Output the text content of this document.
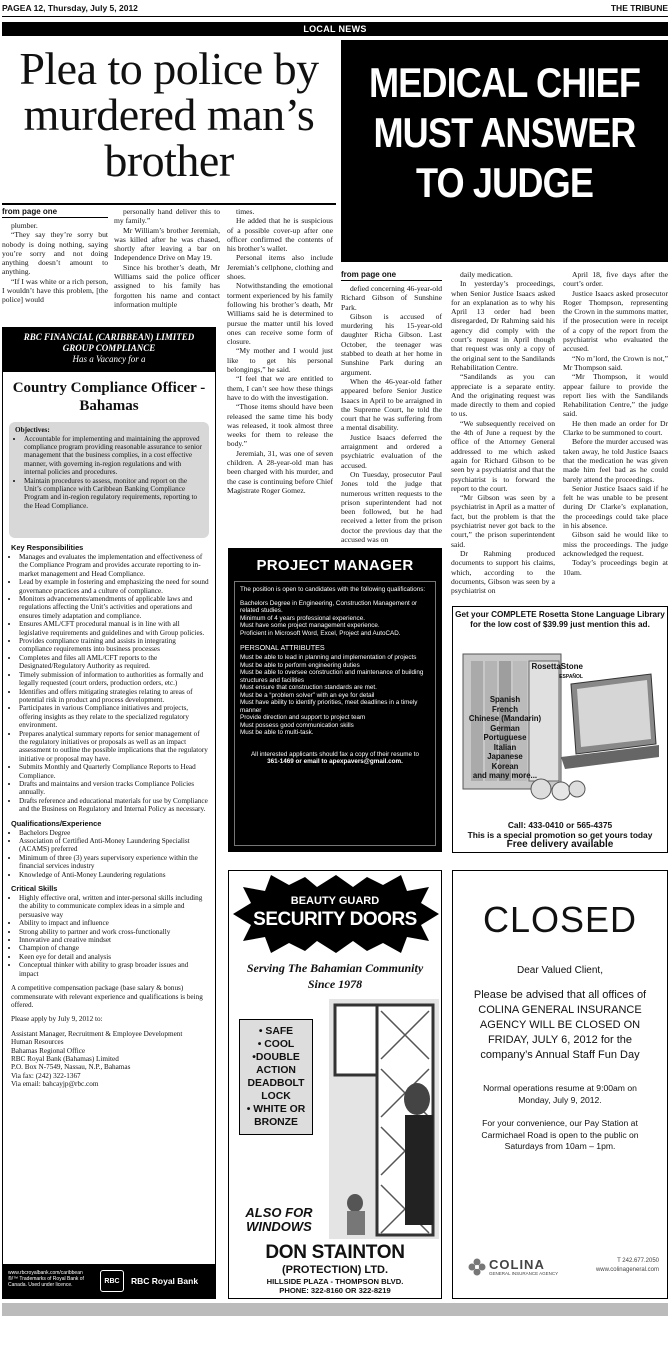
PAGEA 12, Thursday, July 5, 2012	THE TRIBUNE
LOCAL NEWS
Plea to police by murdered man’s brother
MEDICAL CHIEF MUST ANSWER TO JUDGE
from page one
plumber.
“They say they’re sorry but nobody is doing nothing, saying you’re sorry and not doing anything doesn’t amount to anything.
“If I was white or a rich person, I wouldn’t have this problem, [the police] would
personally hand deliver this to my family.”
Mr William’s brother Jeremiah, was killed after he was chased, shortly after leaving a bar on Independence Drive on May 19.
Since his brother’s death, Mr Williams said the police officer assigned to his family has forgotten his name and contact information multiple
times.
He added that he is suspicious of a possible cover-up after one officer confirmed the contents of his brother’s wallet.
Personal items also include Jeremiah’s cellphone, clothing and shoes.
Notwithstanding the emotional torment experienced by his family following his brother’s death, Mr Williams said he is determined to pursue the matter until his loved ones can receive some form of closure.
“My mother and I would just like to get his personal belongings,” he said.
“I feel that we are entitled to them, I can’t see how these things have to do with the investigation.
“Those items should have been released the same time his body was released, it took almost three weeks for them to release the body.”
Jeremiah, 31, was one of seven children. A 28-year-old man has been charged with his murder, and the case is continuing before Chief Magistrate Roger Gomez.
from page one
defied concerning 46-year-old Richard Gibson of Sunshine Park.
Gibson is accused of murdering his 15-year-old daughter Richa Gibson. Last October, the teenager was stabbed to death at her home in Sunshine Park during an argument.
When the 46-year-old father appeared before Senior Justice Isaacs in April to be arraigned in the Supreme Court, he told the court that he was suffering from a mental disability.
Justice Isaacs deferred the arraignment and ordered a psychiatric evaluation of the accused.
On Tuesday, prosecutor Paul Jones told the judge that numerous written requests to the prison superintendent had not been followed, but he had received a letter from the prison doctor the previous day that the accused was on
daily medication.
In yesterday’s proceedings, when Senior Justice Isaacs asked for an explanation as to why his April 13 order had been disregarded, Dr Rahming said his agency did comply with the court’s request in April though that request was only a copy of the original sent to the Sandilands Rehabilitation Centre.
“Sandilands as you can appreciate is a separate entity. And the originating request was made directly to them and copied to us.
“We subsequently received on the 4th of June a request by the office of the Attorney General addressed to me which asked again for Richard Gibson to be seen by a psychiatrist and that the psychiatrist is to forward the report to the court.
“Mr Gibson was seen by a psychiatrist in April as a matter of fact, but the problem is that the psychiatrist never got back to the court,” the prison superintendent said.
Dr Rahming produced documents to support his claims, which, according to the documents, Gibson was seen by a psychiatrist on
April 18, five days after the court’s order.
Justice Isaacs asked prosecutor Roger Thompson, representing the Crown in the summons matter, if the prosecution were in receipt of a copy of the report from the psychiatrist who evaluated the accused.
“No m’lord, the Crown is not,” Mr Thompson said.
“Mr Thompson, it would appear failure to provide the report lies with the Sandilands Rehabilitation Centre,” the judge said.
He then made an order for Dr Clarke to be summoned to court.
Before the murder accused was taken away, he told Justice Isaacs that the medication he was given made him feel bad as he could barely attend the proceedings.
Senior Justice Isaacs said if he felt he was unable to be present during Dr Clarke’s explanation, the proceedings could take place in his absence.
Gibson said he would like to miss the proceedings. The judge acknowledged the request.
Today’s proceedings begin at 10am.
RBC FINANCIAL (CARIBBEAN) LIMITED
GROUP COMPLIANCE
Has a Vacancy for a
Country Compliance Officer - Bahamas
Objectives:
• Accountable for implementing and maintaining the approved compliance program providing reasonable assurance to senior management that the business complies, in a cost effective manner, with governing in-region regulations and with internal policies and procedures.
• Maintain procedures to assess, monitor and report on the Unit’s compliance with Caribbean Banking Compliance Program and in-region regulatory requirements, reporting to the Head Compliance.
Key Responsibilities
• Manages and evaluates the implementation and effectiveness of the Compliance Program and provides accurate reporting to in-market management and Head Compliance.
• Lead by example in fostering and emphasizing the need for sound governance practices and a culture of compliance.
• Monitors advancements/amendments of applicable laws and regulations affecting the Unit’s activities and operations and ensures timely adaptation and compliance.
• Ensures AML/CFT procedural manual is in line with all legislative requirements and guidelines and with Group policies.
• Provides compliance training and assists in integrating compliance requirements into business processes
• Completes and files all AML/CFT reports to the Designated/Regulatory Authority as required.
• Timely submission of information to authorities as formally and legally requested (court orders, production orders, etc.)
• Identifies and offers mitigating strategies relating to areas of potential risk in product and process development.
• Participates in various Compliance initiatives and projects, offering insights as they relate to the specialized regulatory environment.
• Prepares analytical summary reports for senior management of the regulatory initiatives or proposals as well as an impact assessment to outline the possible implications that the regulatory initiative or proposal may have.
• Submits Monthly and Quarterly Compliance Reports to Head Compliance.
• Drafts and maintains and version tracks Compliance Policies annually.
• Drafts reference and educational materials for use by Compliance and the Business on Regulatory and Internal Policy as necessary.
Qualifications/Experience
• Bachelors Degree
• Association of Certified Anti-Money Laundering Specialist (ACAMS) preferred
• Minimum of three (3) years supervisory experience within the financial services industry
• Knowledge of Anti-Money Laundering regulations
Critical Skills
• Highly effective oral, written and inter-personal skills including the ability to communicate complex ideas in a simple and persuasive way
• Ability to impact and influence
• Strong ability to partner and work cross-functionally
• Innovative and creative mindset
• Champion of change
• Keen eye for detail and analysis
• Conceptual thinker with ability to grasp broader issues and impact
A competitive compensation package (base salary & bonus) commensurate with relevant experience and qualifications is being offered.
Please apply by July 9, 2012 to:
Assistant Manager, Recruitment & Employee Development
Human Resources
Bahamas Regional Office
RBC Royal Bank (Bahamas) Limited
P.O. Box N-7549, Nassau, N.P., Bahamas
Via fax: (242) 322-1367
Via email: bahcayjp@rbc.com
www.rbcroyalbank.com/caribbean ®/™ Trademarks of Royal Bank of Canada. Used under licence.	RBC	RBC Royal Bank
PROJECT MANAGER
The position is open to candidates with the following qualifications:
Bachelors Degree in Engineering, Construction Management or related studies.
Minimum of 4 years professional experience.
Must have some project management experience.
Proficient in Microsoft Word, Excel, Project and AutoCAD.
PERSONAL ATTRIBUTES
Must be able to lead in planning and implementation of projects
Must be able to perform engineering duties
Must be able to oversee construction and maintenance of building structures and facilities
Must ensure that construction standards are met.
Must be a “problem solver” with an eye for detail
Must have ability to identify priorities, meet deadlines in a timely manner
Provide direction and support to project team
Must possess good communication skills
Must be able to multi-task.
All interested applicants should fax a copy of their resume to
361-1469 or email to apexpavers@gmail.com.
Get your COMPLETE Rosetta Stone Language Library for the low cost of $39.99 just mention this ad.
RosettaStone
ESPAÑOL
Spanish
French
Chinese (Mandarin)
German
Portuguese
Italian
Japanese
Korean
and many more...
Call: 433-0410 or 565-4375
This is a special promotion so get yours today
Free delivery available
BEAUTY GUARD
SECURITY DOORS
Serving The Bahamian Community
Since 1978
• SAFE
• COOL
•DOUBLE ACTION DEADBOLT LOCK
• WHITE OR BRONZE
ALSO FOR WINDOWS
DON STAINTON
(PROTECTION) LTD.
HILLSIDE PLAZA - THOMPSON BLVD.
PHONE: 322-8160 OR 322-8219
CLOSED
Dear Valued Client,
Please be advised that all offices of COLINA GENERAL INSURANCE AGENCY WILL BE CLOSED ON FRIDAY, JULY 6, 2012 for the company’s Annual Staff Fun Day
Normal operations resume at 9:00am on Monday, July 9, 2012.
For your convenience, our Pay Station at Carmichael Road is open to the public on Saturdays from 10am – 1pm.
COLINA
GENERAL INSURANCE AGENCY
T 242.677.2050
www.colinageneral.com
